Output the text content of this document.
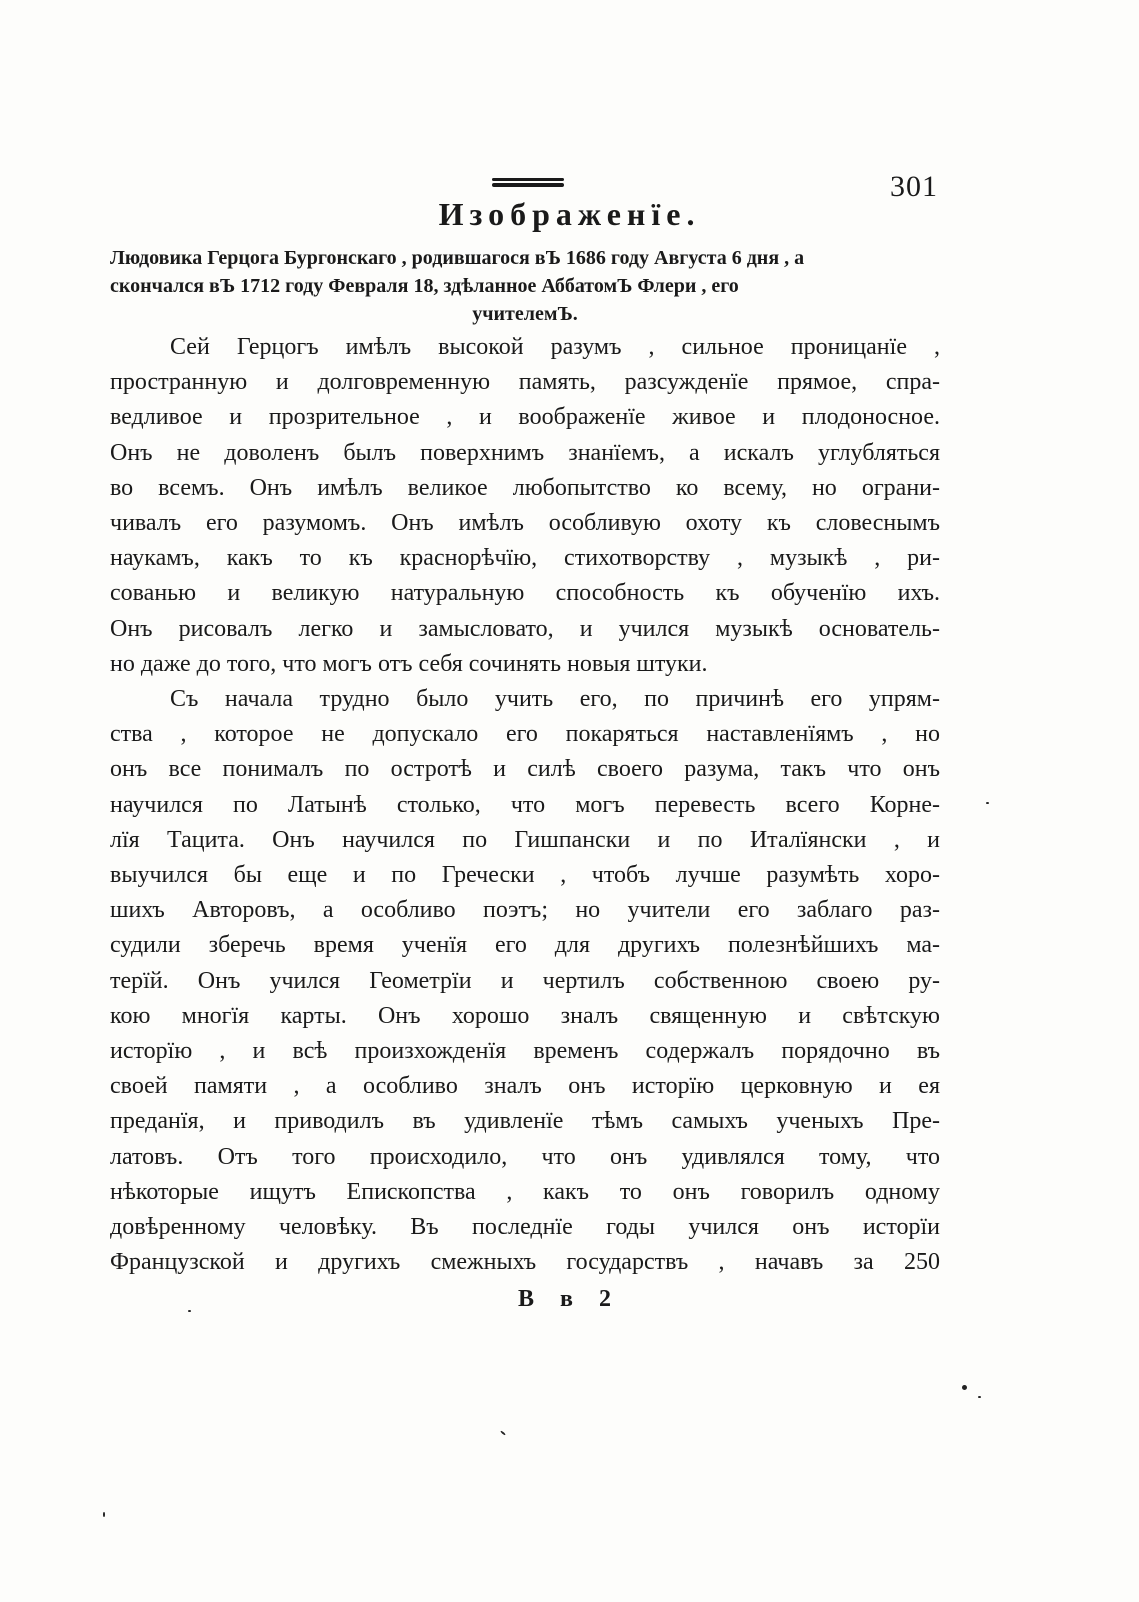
301
Изображенïе.
Людовика Герцога Бургонскаго , родившагося вЪ 1686 году Августа 6 дня , а
скончался вЪ 1712 году Февраля 18, здѣланное АббатомЪ Флери , его
учителемЪ.
Сей Герцогъ имѣлъ высокой разумъ , сильное проницанïе ,
пространную и долговременную память, разсужденïе прямое, спра-
ведливое и прозрительное , и воображенïе живое и плодоносное.
Онъ не доволенъ былъ поверхнимъ знанïемъ, а искалъ углубляться
во всемъ. Онъ имѣлъ великое любопытство ко всему, но ограни-
чивалъ его разумомъ. Онъ имѣлъ особливую охоту къ словеснымъ
наукамъ, какъ то къ краснорѣчïю, стихотворству , музыкѣ , ри-
сованью и великую натуральную способность къ обученïю ихъ.
Онъ рисовалъ легко и замысловато, и учился музыкѣ основатель-
но даже до того, что могъ отъ себя сочинять новыя штуки.
Съ начала трудно было учить его, по причинѣ его упрям-
ства , которое не допускало его покаряться наставленïямъ , но
онъ все понималъ по остротѣ и силѣ своего разума, такъ что онъ
научился по Латынѣ столько, что могъ перевесть всего Корне-
лïя Тацита. Онъ научился по Гишпански и по Италïянски , и
выучился бы еще и по Гречески , чтобъ лучше разумѣть хоро-
шихъ Авторовъ, а особливо поэтъ; но учители его заблаго раз-
судили зберечь время ученïя его для другихъ полезнѣйшихъ ма-
терïй. Онъ учился Геометрïи и чертилъ собственною своею ру-
кою многïя карты. Онъ хорошо зналъ священную и свѣтскую
исторïю , и всѣ произхожденïя временъ содержалъ порядочно въ
своей памяти , а особливо зналъ онъ исторïю церковную и ея
преданïя, и приводилъ въ удивленïе тѣмъ самыхъ ученыхъ Пре-
латовъ. Отъ того происходило, что онъ удивлялся тому, что
нѣкоторые ищутъ Епископства , какъ то онъ говорилъ одному
довѣренному человѣку. Въ последнïе годы учился онъ исторïи
Французской и другихъ смежныхъ государствъ , начавъ за 250
В в 2
